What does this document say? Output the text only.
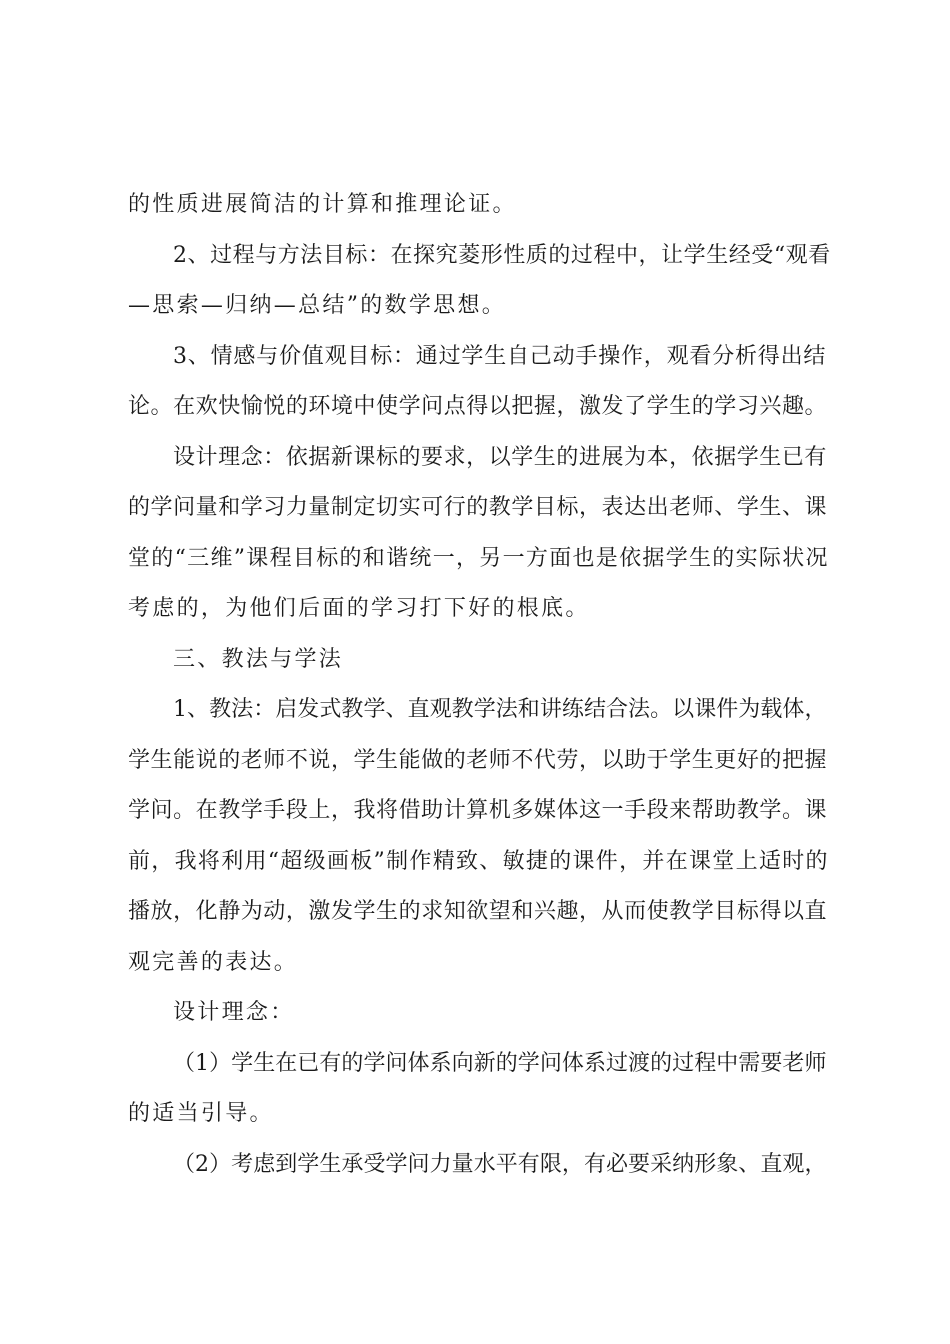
的性质进展简洁的计算和推理论证。
2、过程与方法目标：在探究菱形性质的过程中，让学生经受“观看
—思索—归纳—总结”的数学思想。
3、情感与价值观目标：通过学生自己动手操作，观看分析得出结
论。在欢快愉悦的环境中使学问点得以把握，激发了学生的学习兴趣。
设计理念：依据新课标的要求，以学生的进展为本，依据学生已有
的学问量和学习力量制定切实可行的教学目标，表达出老师、学生、课
堂的“三维”课程目标的和谐统一，另一方面也是依据学生的实际状况
考虑的，为他们后面的学习打下好的根底。
三、教法与学法
1、教法：启发式教学、直观教学法和讲练结合法。以课件为载体，
学生能说的老师不说，学生能做的老师不代劳，以助于学生更好的把握
学问。在教学手段上，我将借助计算机多媒体这一手段来帮助教学。课
前，我将利用“超级画板”制作精致、敏捷的课件，并在课堂上适时的
播放，化静为动，激发学生的求知欲望和兴趣，从而使教学目标得以直
观完善的表达。
设计理念：
（1）学生在已有的学问体系向新的学问体系过渡的过程中需要老师
的适当引导。
（2）考虑到学生承受学问力量水平有限，有必要采纳形象、直观，
